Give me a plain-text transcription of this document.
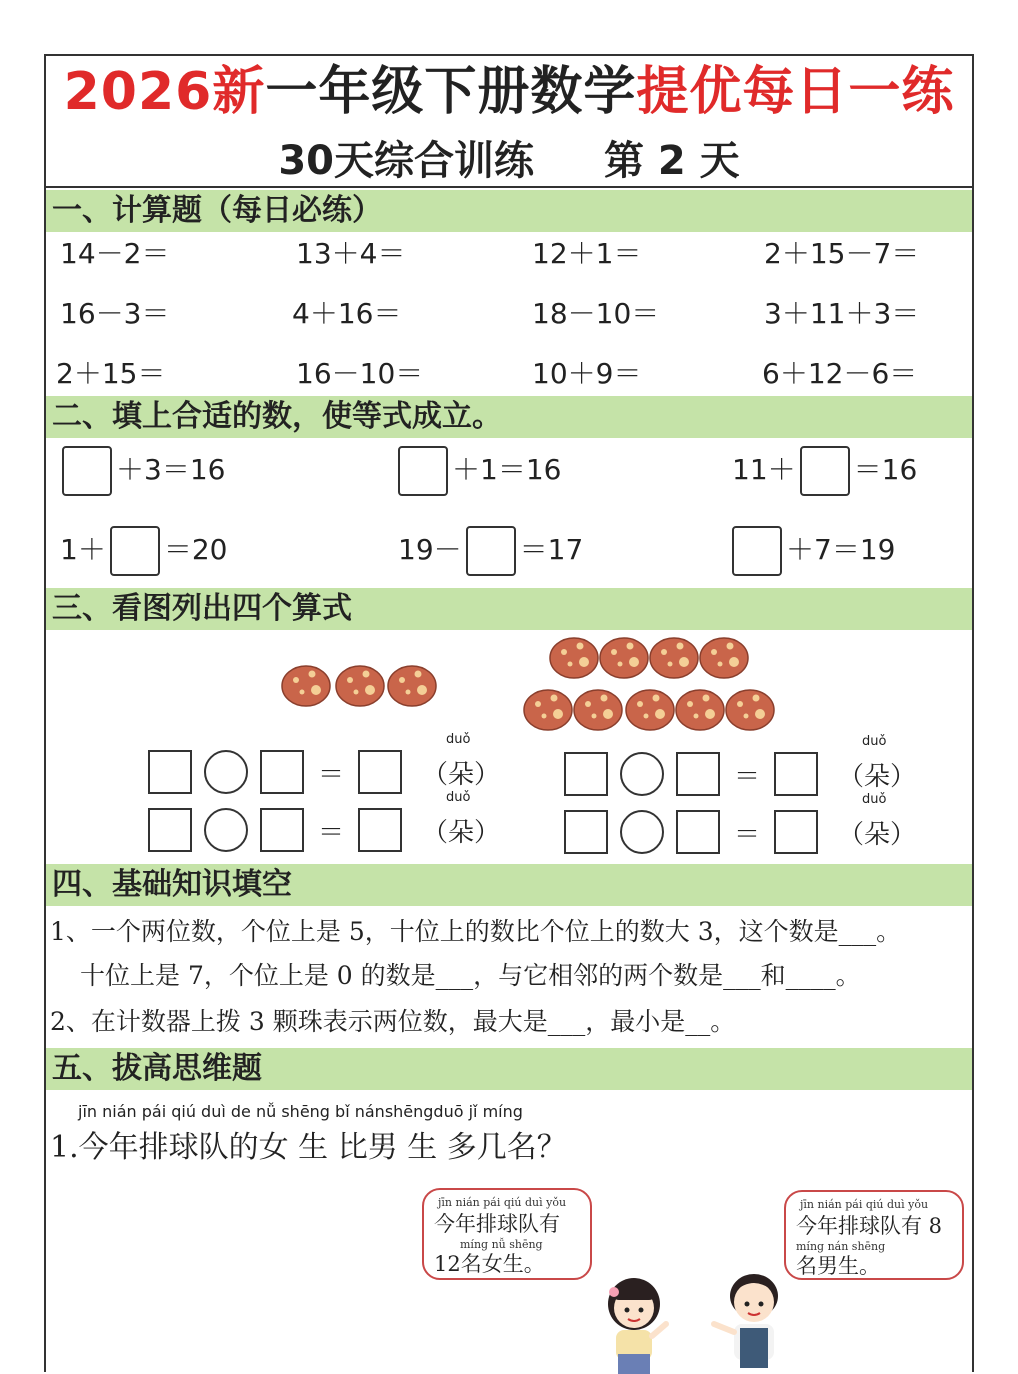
2026新一年级下册数学提优每日一练
30天综合训练 第 2 天
一、计算题（每日必练）
14－2＝	13＋4＝	12＋1＝	2＋15－7＝
16－3＝	4＋16＝	18－10＝	3＋11＋3＝
2＋15＝	16－10＝	10＋9＝	6＋12－6＝
二、填上合适的数，使等式成立。
＋3＝16	＋1＝16	11＋ ＝16
1＋ ＝20	19－ ＝17	＋7＝19
三、看图列出四个算式
＝
duǒ
（朵）
＝
duǒ
（朵）
＝
duǒ
（朵）
＝
duǒ
（朵）
四、基础知识填空
1、一个两位数，个位上是 5，十位上的数比个位上的数大 3，这个数是___。
十位上是 7，个位上是 0 的数是___，与它相邻的两个数是___和____。
2、在计数器上拨 3 颗珠表示两位数，最大是___，最小是__。
五、拔高思维题
jīn nián pái qiú duì de nǚ shēng bǐ nánshēngduō jǐ míng
1.今年排球队的女 生 比男 生 多几名？
jīn nián pái qiú duì yǒu
今年排球队有
míng nǚ shēng
12名女生。
jīn nián pái qiú duì yǒu
今年排球队有 8
míng nán shēng
名男生。
